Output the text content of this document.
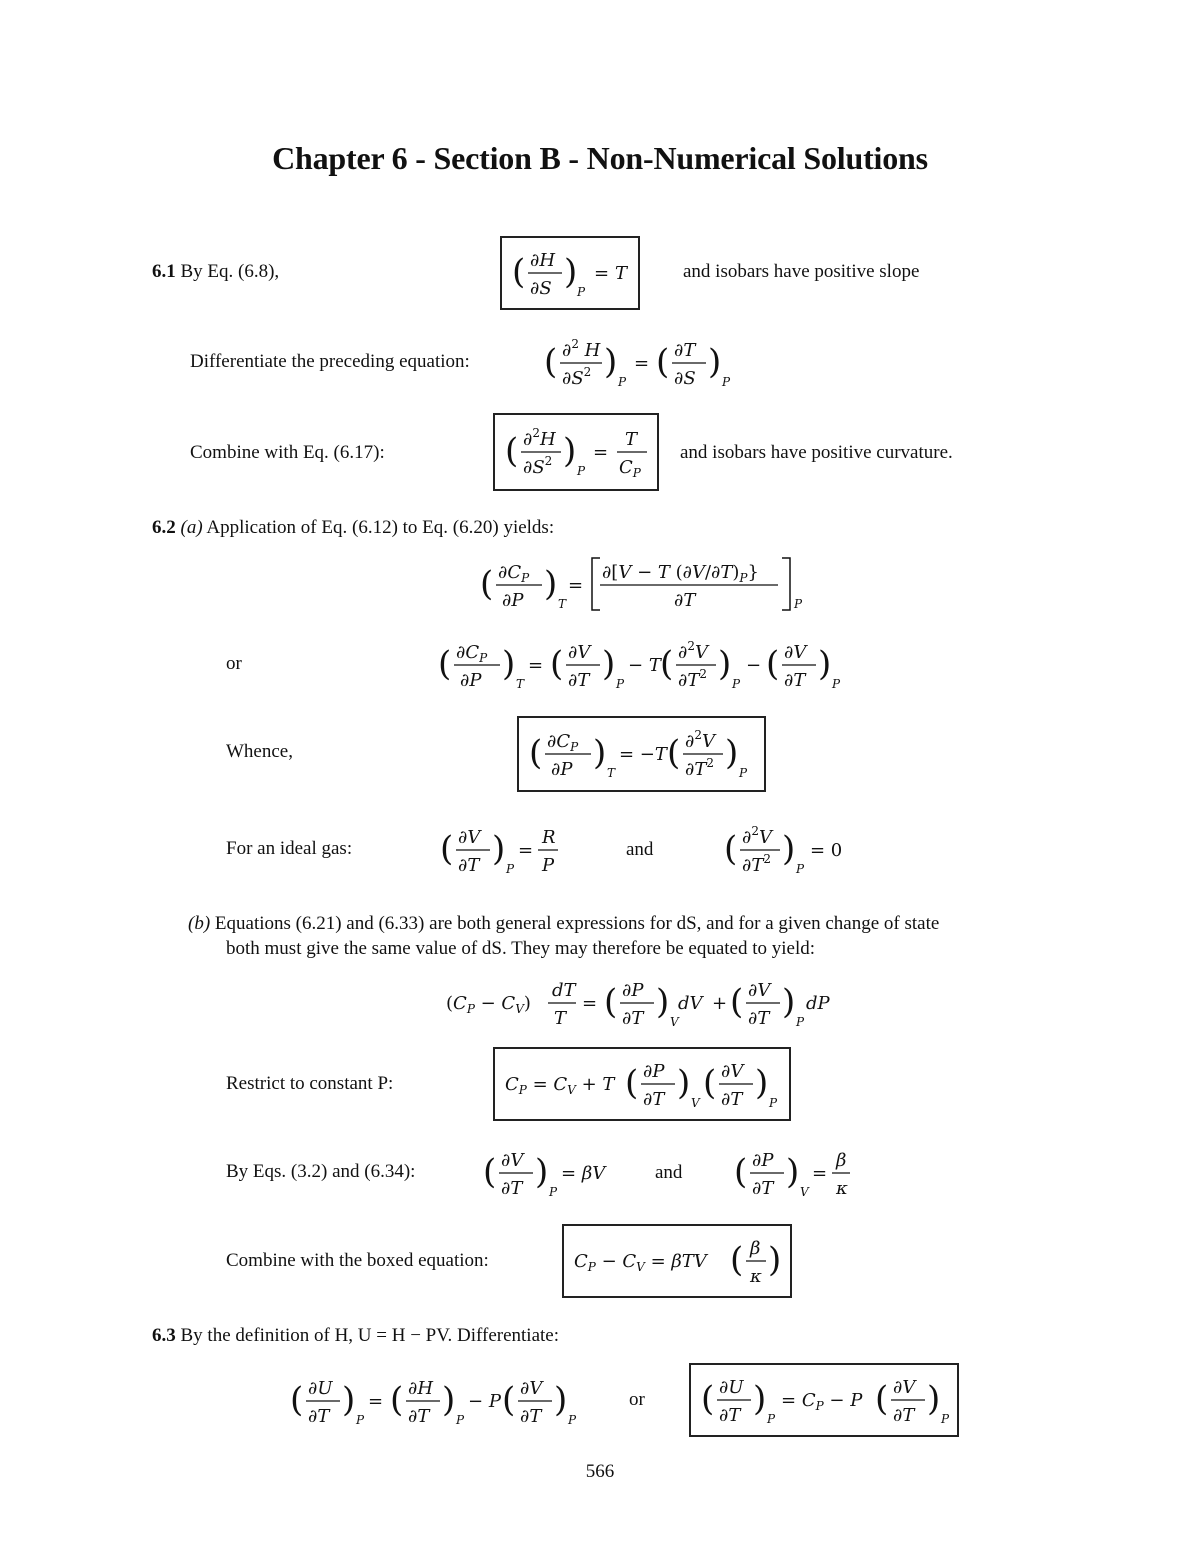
Chapter 6 - Section B - Non-Numerical Solutions
6.1 By Eq. (6.8),	( ∂H
∂S ) P
= T	and isobars have positive slope
Differentiate the preceding equation: ( ∂$^2$ H
$\partial S^2$ ) P
= ( ∂T
∂S ) P
Combine with Eq. (6.17):	( ∂$^2$H
$\partial S^2$ ) P
=
T
$C_P$
and isobars have positive curvature.
6.2 (a) Application of Eq. (6.12) to Eq. (6.20) yields:
( $\partial C_P$
∂P ) T
=
∂[V − T $(\partial V/\partial T)_P$}
∂T	P
or	( $\partial C_P$
∂P ) T
= ( ∂V
∂T ) P
− T ( ∂$^2$V
$\partial T^2$ ) P
− ( ∂V
∂T ) P
Whence,	( $\partial C_P$
∂P ) T
= −T ( ∂$^2$V
$\partial T^2$ ) P
For an ideal gas:	( ∂V
∂T ) P
=
R
P
and ( ∂$^2$V
$\partial T^2$ ) P
= 0
(b) Equations (6.21) and (6.33) are both general expressions for dS, and for a given change of state
both must give the same value of dS. They may therefore be equated to yield:
$(C_P - C_V)$
dT
T
= ( ∂P
∂T ) V
dV + ( ∂V
∂T ) P
dP
Restrict to constant P:	$C_P = C_V + T$ ( ∂P
∂T ) V ( ∂V
∂T ) P
By Eqs. (3.2) and (6.34): ( ∂V
∂T ) P
= βV	and ( ∂P
∂T ) V
=
β
κ
Combine with the boxed equation:	$C_P - C_V = \beta TV$ ( β
κ )
6.3 By the definition of H, U = H − PV. Differentiate:
( ∂U
∂T ) P
= ( ∂H
∂T ) P
− P ( ∂V
∂T ) P
or ( ∂U
∂T ) P
= $C_P - P$ ( ∂V
∂T ) P
566
